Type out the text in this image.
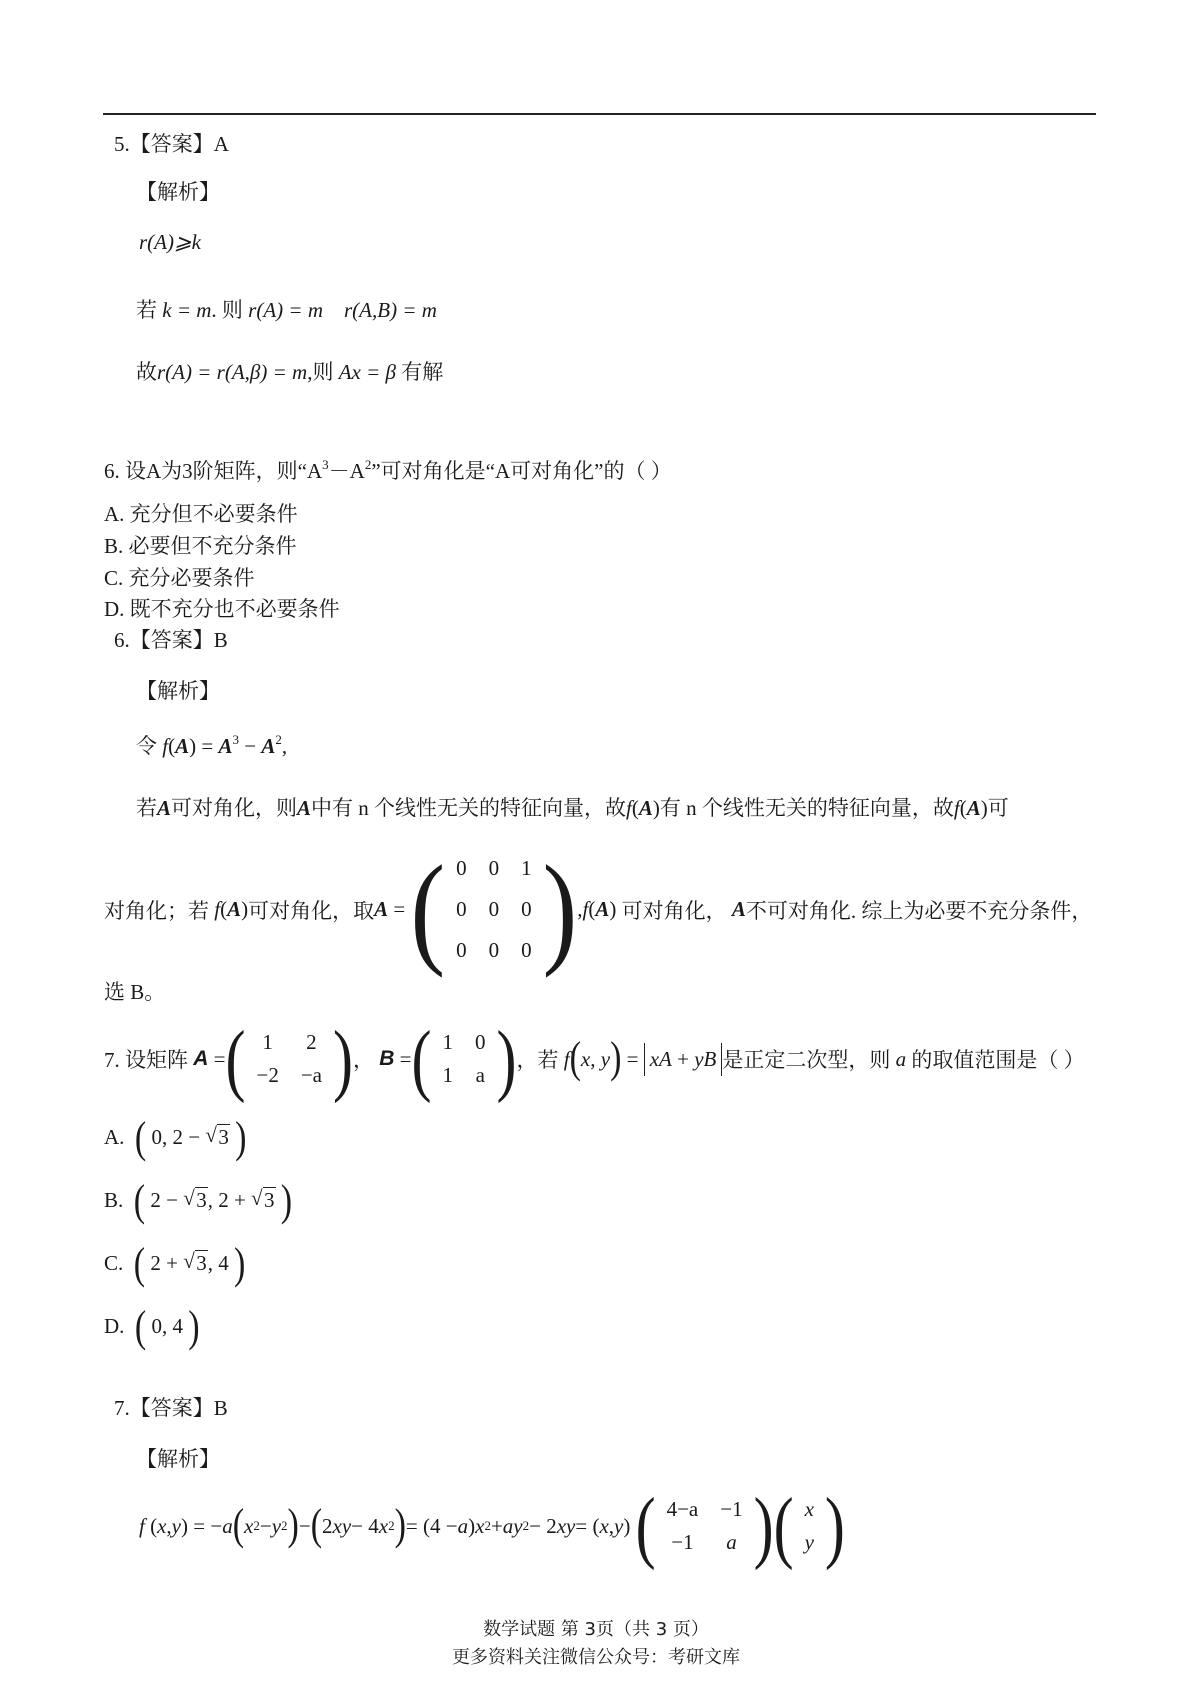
5.【答案】A
【解析】
r(A)⩾k
若 k = m. 则 r(A) = m r(A,B) = m
故r(A) = r(A,β) = m,则 Ax = β 有解
6. 设A为3阶矩阵，则“$A^3-A^2$”可对角化是“A可对角化”的（ ）
A. 充分但不必要条件
B. 必要但不充分条件
C. 充分必要条件
D. 既不充分也不必要条件
6.【答案】B
【解析】
令 $f(A) = A^3 - A^2$,
若A可对角化，则A中有 n 个线性无关的特征向量，故f(A)有 n 个线性无关的特征向量，故f(A)可
对角化；若
f ( A ) 可对角化，取 A = ( 0	0	1
0	0	0
0	0	0 ) , f ( A ) 可对角化，
A 不可对角化. 综上为必要不充分条件，
选 B。
7. 设矩阵
A = ( 1	2
−2	−a ) ， B = ( 1	0
1	a ) ，若
f ( x, y ) = xA + yB 是正定二次型，则 a 的取值范围是（ ）
A. ( 0, 2 − √ 3 )
B. ( 2 − √ 3, 2 + √ 3 )
C. ( 2 + √ 3, 4 )
D. ( 0, 4 )
7.【答案】B
【解析】
f ( x , y ) = − a ( x 2 − y 2 ) − ( 2 xy − 4 x 2 ) = (4 − a ) x 2 + ay 2 − 2 xy = ( x , y ) ( 4−a	−1
−1	a ) ( x
y )
数学试题 第 3页（共 3 页）
更多资料关注微信公众号：考研文库
